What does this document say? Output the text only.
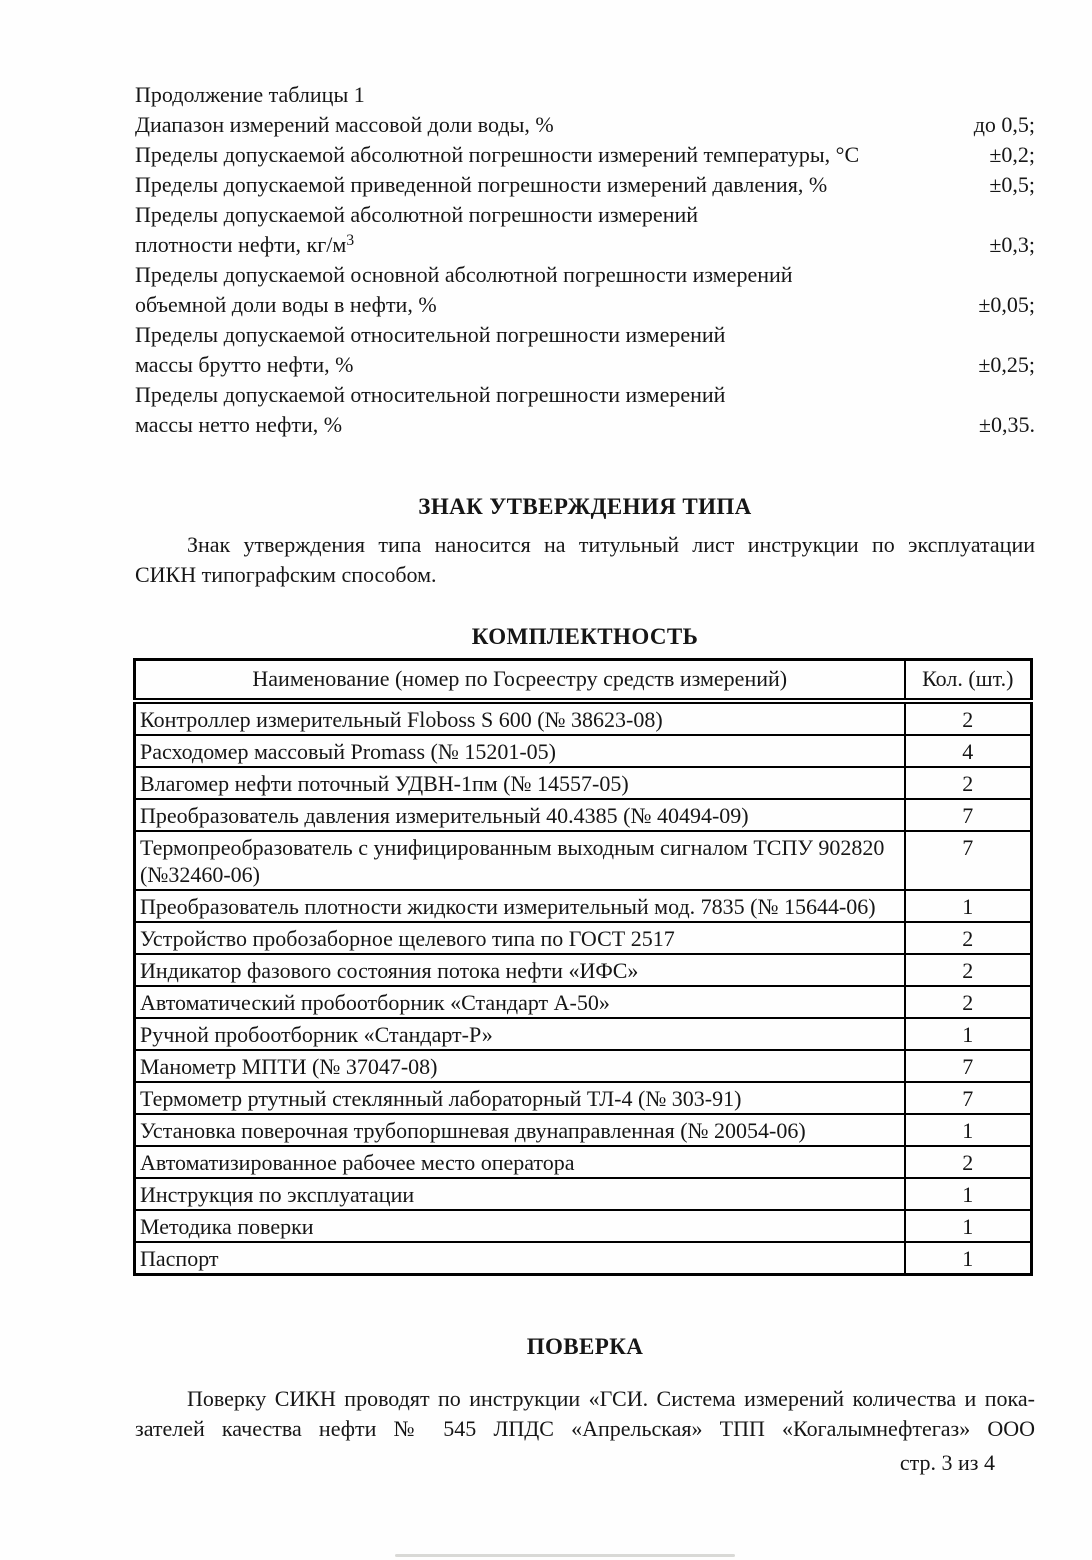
Продолжение таблицы 1
Диапазон измерений массовой доли воды, %	до 0,5;
Пределы допускаемой абсолютной погрешности измерений температуры, °С	±0,2;
Пределы допускаемой приведенной погрешности измерений давления, %	±0,5;
Пределы допускаемой абсолютной погрешности измерений
плотности нефти, $кг/м^3$	±0,3;
Пределы допускаемой основной абсолютной погрешности измерений
объемной доли воды в нефти, %	±0,05;
Пределы допускаемой относительной погрешности измерений
массы брутто нефти, %	±0,25;
Пределы допускаемой относительной погрешности измерений
массы нетто нефти, %	±0,35.
ЗНАК УТВЕРЖДЕНИЯ ТИПА
Знак утверждения типа наносится на титульный лист инструкции по эксплуатации
СИКН типографским способом.
КОМПЛЕКТНОСТЬ
Наименование (номер по Госреестру средств измерений)	Кол. (шт.)
Контроллер измерительный Floboss S 600 (№ 38623-08)	2
Расходомер массовый Promass (№ 15201-05)	4
Влагомер нефти поточный УДВН-1пм (№ 14557-05)	2
Преобразователь давления измерительный 40.4385 (№ 40494-09)	7
Термопреобразователь с унифицированным выходным сигналом ТСПУ 902820 (№32460-06)	7
Преобразователь плотности жидкости измерительный мод. 7835 (№ 15644-06)	1
Устройство пробозаборное щелевого типа по ГОСТ 2517	2
Индикатор фазового состояния потока нефти «ИФС»	2
Автоматический пробоотборник «Стандарт А-50»	2
Ручной пробоотборник «Стандарт-Р»	1
Манометр МПТИ (№ 37047-08)	7
Термометр ртутный стеклянный лабораторный ТЛ-4 (№ 303-91)	7
Установка поверочная трубопоршневая двунаправленная (№ 20054-06)	1
Автоматизированное рабочее место оператора	2
Инструкция по эксплуатации	1
Методика поверки	1
Паспорт	1
ПОВЕРКА
Поверку СИКН проводят по инструкции «ГСИ. Система измерений количества и пока-
зателей качества нефти № 545 ЛПДС «Апрельская» ТПП «Когалымнефтегаз» ООО
стр. 3 из 4
